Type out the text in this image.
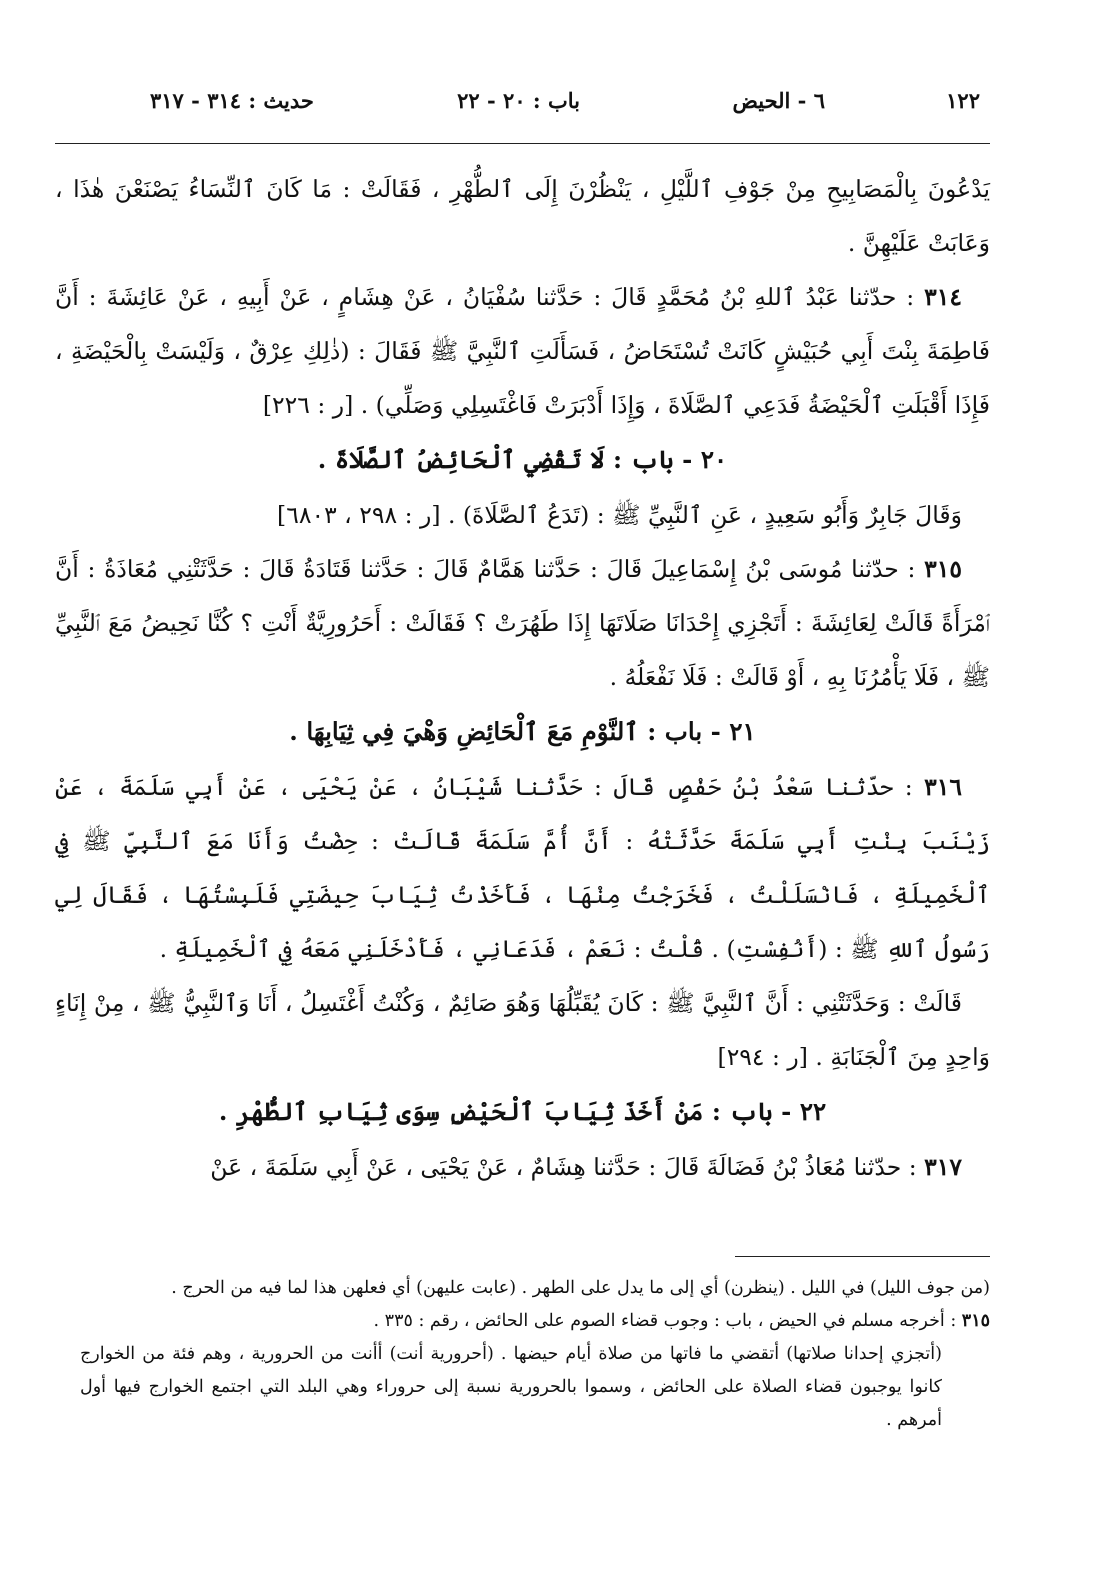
١٢٢
٦ - الحيض
باب : ٢٠ - ٢٢
حديث : ٣١٤ - ٣١٧

يَدْعُونَ بِالْمَصَابِيحِ مِنْ جَوْفِ ٱللَّيْلِ ، يَنْظُرْنَ إِلَى ٱلطُّهْرِ ، فَقَالَتْ : مَا كَانَ ٱلنِّسَاءُ يَصْنَعْنَ هٰذَا ، وَعَابَتْ عَلَيْهِنَّ .

٣١٤ : حدّثنا عَبْدُ ٱللهِ بْنُ مُحَمَّدٍ قَالَ : حَدَّثنا سُفْيَانُ ، عَنْ هِشَامٍ ، عَنْ أَبِيهِ ، عَنْ عَائِشَةَ : أَنَّ فَاطِمَةَ بِنْتَ أَبِي حُبَيْشٍ كَانَتْ تُسْتَحَاضُ ، فَسَأَلَتِ ٱلنَّبِيَّ ﷺ فَقَالَ : (ذٰلِكِ عِرْقٌ ، وَلَيْسَتْ بِالْحَيْضَةِ ، فَإِذَا أَقْبَلَتِ ٱلْحَيْضَةُ فَدَعِي ٱلصَّلَاةَ ، وَإِذَا أَدْبَرَتْ فَاغْتَسِلِي وَصَلِّي) . [ر : ٢٢٦]

٢٠ - باب : لَا تَقْضِي ٱلْحَائِضُ ٱلصَّلَاةَ .

وَقَالَ جَابِرٌ وَأَبُو سَعِيدٍ ، عَنِ ٱلنَّبِيِّ ﷺ : (تَدَعُ ٱلصَّلَاةَ) . [ر : ٢٩٨ ، ٦٨٠٣]

٣١٥ : حدّثنا مُوسَى بْنُ إِسْمَاعِيلَ قَالَ : حَدَّثنا هَمَّامٌ قَالَ : حَدَّثنا قَتَادَةُ قَالَ : حَدَّثَتْنِي مُعَاذَةُ : أَنَّ ٱمْرَأَةً قَالَتْ لِعَائِشَةَ : أَتَجْزِي إِحْدَانَا صَلَاتَهَا إِذَا طَهُرَتْ ؟ فَقَالَتْ : أَحَرُورِيَّةٌ أَنْتِ ؟ كُنَّا نَحِيضُ مَعَ ٱلنَّبِيِّ ﷺ ، فَلَا يَأْمُرُنَا بِهِ ، أَوْ قَالَتْ : فَلَا نَفْعَلُهُ .

٢١ - باب : ٱلنَّوْمِ مَعَ ٱلْحَائِضِ وَهْيَ فِي ثِيَابِهَا .

٣١٦ : حدّثنا سَعْدُ بْنُ حَفْصٍ قَالَ : حَدَّثنا شَيْبَانُ ، عَنْ يَحْيَى ، عَنْ أَبِي سَلَمَةَ ، عَنْ زَيْنَبَ بِنْتِ أَبِي سَلَمَةَ حَدَّثَتْهُ : أَنَّ أُمَّ سَلَمَةَ قَالَتْ : حِضْتُ وَأَنَا مَعَ ٱلنَّبِيِّ ﷺ فِي ٱلْخَمِيلَةِ ، فَانْسَلَلْتُ ، فَخَرَجْتُ مِنْهَا ، فَأَخَذْتُ ثِيَابَ حِيضَتِي فَلَبِسْتُهَا ، فَقَالَ لِي رَسُولُ ٱللهِ ﷺ : (أَنُفِسْتِ) . قُلْتُ : نَعَمْ ، فَدَعَانِي ، فَأَدْخَلَنِي مَعَهُ فِي ٱلْخَمِيلَةِ .

قَالَتْ : وَحَدَّثَتْنِي : أَنَّ ٱلنَّبِيَّ ﷺ : كَانَ يُقَبِّلُهَا وَهُوَ صَائِمٌ ، وَكُنْتُ أَغْتَسِلُ ، أَنَا وَٱلنَّبِيُّ ﷺ ، مِنْ إِنَاءٍ وَاحِدٍ مِنَ ٱلْجَنَابَةِ . [ر : ٢٩٤]

٢٢ - باب : مَنْ أَخَذَ ثِيَابَ ٱلْحَيْضِ سِوَى ثِيَابِ ٱلطُّهْرِ .

٣١٧ : حدّثنا مُعَاذُ بْنُ فَضَالَةَ قَالَ : حَدَّثنا هِشَامٌ ، عَنْ يَحْيَى ، عَنْ أَبِي سَلَمَةَ ، عَنْ

(من جوف الليل) في الليل . (ينظرن) أي إلى ما يدل على الطهر . (عابت عليهن) أي فعلهن هذا لما فيه من الحرج .

٣١٥ : أخرجه مسلم في الحيض ، باب : وجوب قضاء الصوم على الحائض ، رقم : ٣٣٥ .

(أتجزي إحدانا صلاتها) أتقضي ما فاتها من صلاة أيام حيضها . (أحرورية أنت) أأنت من الحرورية ، وهم فئة من الخوارج كانوا يوجبون قضاء الصلاة على الحائض ، وسموا بالحرورية نسبة إلى حروراء وهي البلد التي اجتمع الخوارج فيها أول أمرهم .
